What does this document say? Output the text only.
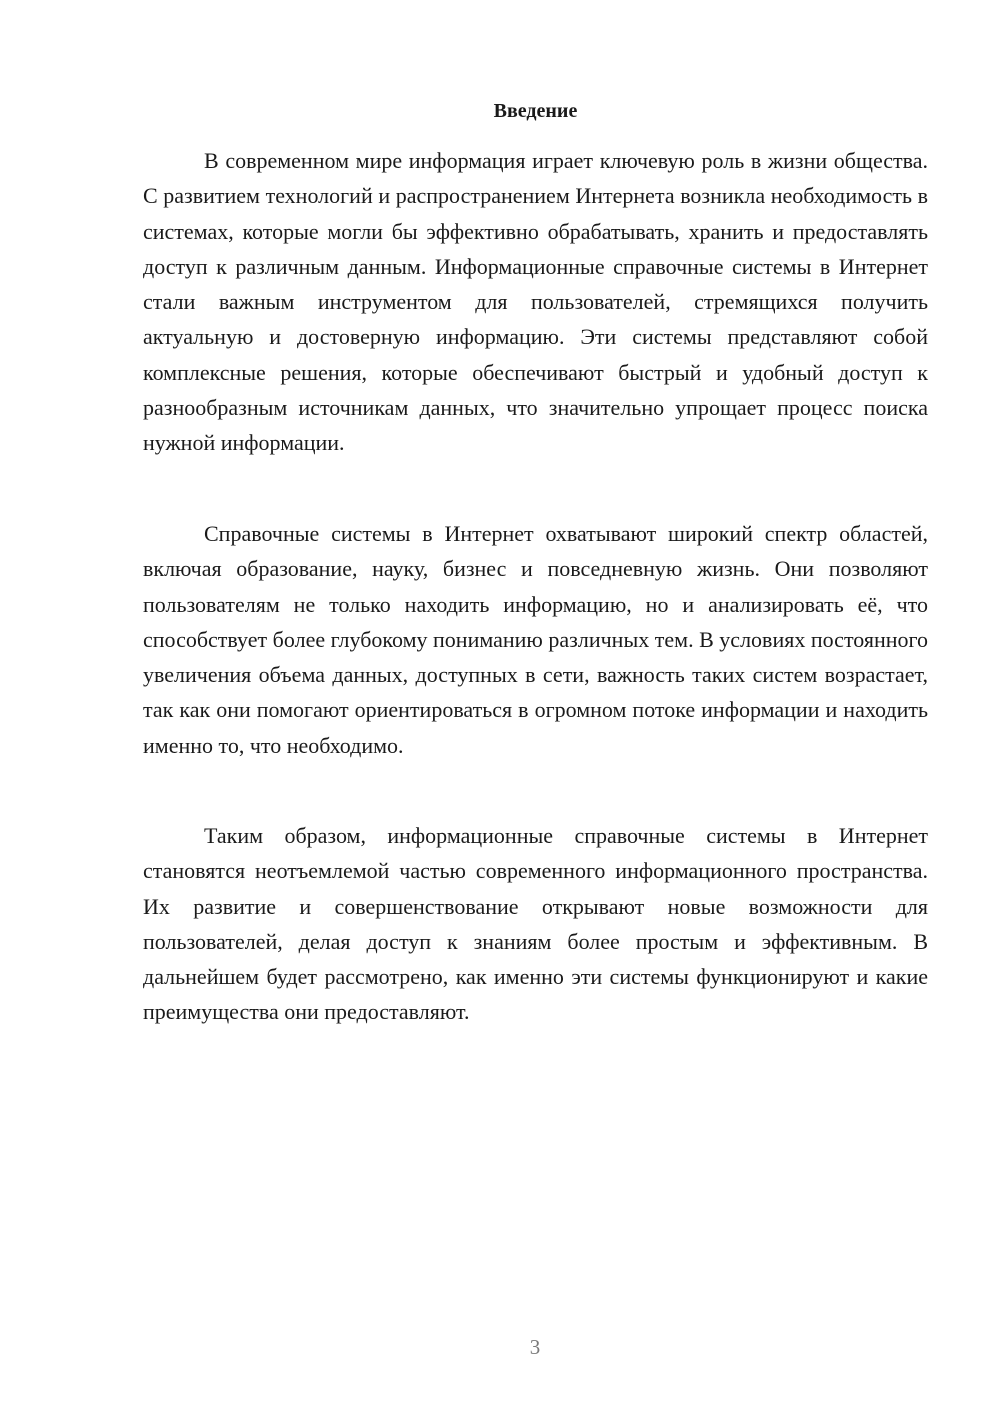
Введение

В современном мире информация играет ключевую роль в жизни общества. С развитием технологий и распространением Интернета возникла необходимость в системах, которые могли бы эффективно обрабатывать, хранить и предоставлять доступ к различным данным. Информационные справочные системы в Интернет стали важным инструментом для пользователей, стремящихся получить актуальную и достоверную информацию. Эти системы представляют собой комплексные решения, которые обеспечивают быстрый и удобный доступ к разнообразным источникам данных, что значительно упрощает процесс поиска нужной информации.

Справочные системы в Интернет охватывают широкий спектр областей, включая образование, науку, бизнес и повседневную жизнь. Они позволяют пользователям не только находить информацию, но и анализировать её, что способствует более глубокому пониманию различных тем. В условиях постоянного увеличения объема данных, доступных в сети, важность таких систем возрастает, так как они помогают ориентироваться в огромном потоке информации и находить именно то, что необходимо.

Таким образом, информационные справочные системы в Интернет становятся неотъемлемой частью современного информационного пространства. Их развитие и совершенствование открывают новые возможности для пользователей, делая доступ к знаниям более простым и эффективным. В дальнейшем будет рассмотрено, как именно эти системы функционируют и какие преимущества они предоставляют.

3
